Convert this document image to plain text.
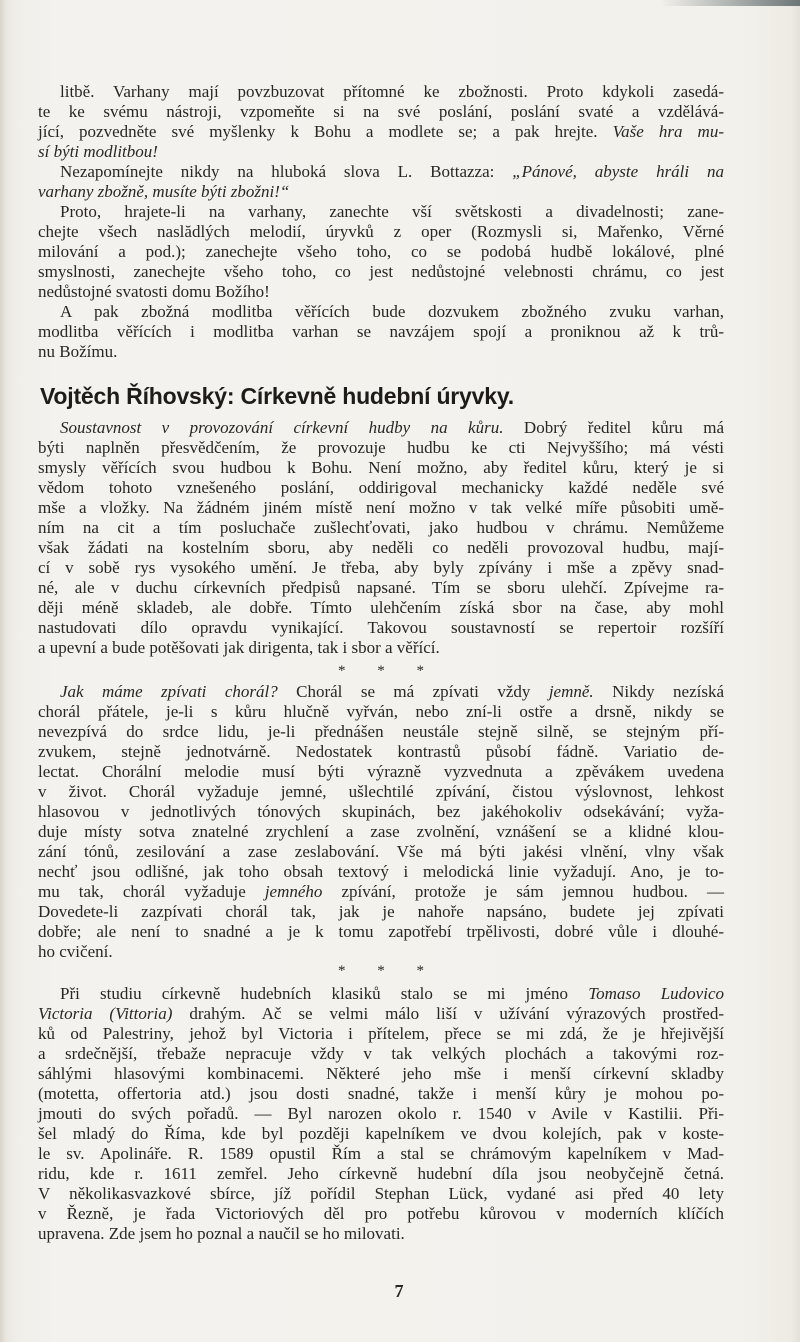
litbě. Varhany mají povzbuzovat přítomné ke zbožnosti. Proto kdykoli zasedá-
te ke svému nástroji, vzpomeňte si na své poslání, poslání svaté a vzdělává-
jící, pozvedněte své myšlenky k Bohu a modlete se; a pak hrejte. Vaše hra mu-
sí býti modlitbou!
Nezapomínejte nikdy na hluboká slova L. Bottazza: „Pánové, abyste hráli na
varhany zbožně, musíte býti zbožni!“
Proto, hrajete-li na varhany, zanechte vší světskosti a divadelnosti; zane-
chejte všech naslădlých melodií, úryvků z oper (Rozmysli si, Mařenko, Věrné
milování a pod.); zanechejte všeho toho, co se podobá hudbě lokálové, plné
smyslnosti, zanechejte všeho toho, co jest nedůstojné velebnosti chrámu, co jest
nedůstojné svatosti domu Božího!
A pak zbožná modlitba věřících bude dozvukem zbožného zvuku varhan,
modlitba věřících i modlitba varhan se navzájem spojí a proniknou až k trů-
nu Božímu.
Vojtěch Říhovský: Církevně hudební úryvky.
Soustavnost v provozování církevní hudby na kůru. Dobrý ředitel kůru má
býti naplněn přesvědčením, že provozuje hudbu ke cti Nejvyššího; má vésti
smysly věřících svou hudbou k Bohu. Není možno, aby ředitel kůru, který je si
vědom tohoto vznešeného poslání, oddirigoval mechanicky každé neděle své
mše a vložky. Na žádném jiném místě není možno v tak velké míře působiti umě-
ním na cit a tím posluchače zušlechťovati, jako hudbou v chrámu. Nemůžeme
však žádati na kostelním sboru, aby neděli co neděli provozoval hudbu, mají-
cí v sobě rys vysokého umění. Je třeba, aby byly zpívány i mše a zpěvy snad-
né, ale v duchu církevních předpisů napsané. Tím se sboru ulehčí. Zpívejme ra-
ději méně skladeb, ale dobře. Tímto ulehčením získá sbor na čase, aby mohl
nastudovati dílo opravdu vynikající. Takovou soustavností se repertoir rozšíří
a upevní a bude potěšovati jak dirigenta, tak i sbor a věřící.
* * *
Jak máme zpívati chorál? Chorál se má zpívati vždy jemně. Nikdy nezíská
chorál přátele, je-li s kůru hlučně vyřván, nebo zní-li ostře a drsně, nikdy se
nevezpívá do srdce lidu, je-li přednášen neustále stejně silně, se stejným pří-
zvukem, stejně jednotvárně. Nedostatek kontrastů působí fádně. Variatio de-
lectat. Chorální melodie musí býti výrazně vyzvednuta a zpěvákem uvedena
v život. Chorál vyžaduje jemné, ušlechtilé zpívání, čistou výslovnost, lehkost
hlasovou v jednotlivých tónových skupinách, bez jakéhokoliv odsekávání; vyža-
duje místy sotva znatelné zrychlení a zase zvolnění, vznášení se a klidné klou-
zání tónů, zesilování a zase zeslabování. Vše má býti jakési vlnění, vlny však
nechť jsou odlišné, jak toho obsah textový i melodická linie vyžadují. Ano, je to-
mu tak, chorál vyžaduje jemného zpívání, protože je sám jemnou hudbou. —
Dovedete-li zazpívati chorál tak, jak je nahoře napsáno, budete jej zpívati
dobře; ale není to snadné a je k tomu zapotřebí trpělivosti, dobré vůle i dlouhé-
ho cvičení.
* * *
Při studiu církevně hudebních klasiků stalo se mi jméno Tomaso Ludovico
Victoria (Vittoria) drahým. Ač se velmi málo liší v užívání výrazových prostřed-
ků od Palestriny, jehož byl Victoria i přítelem, přece se mi zdá, že je hřejivější
a srdečnější, třebaže nepracuje vždy v tak velkých plochách a takovými roz-
sáhlými hlasovými kombinacemi. Některé jeho mše i menší církevní skladby
(motetta, offertoria atd.) jsou dosti snadné, takže i menší kůry je mohou po-
jmouti do svých pořadů. — Byl narozen okolo r. 1540 v Avile v Kastilii. Při-
šel mladý do Říma, kde byl později kapelníkem ve dvou kolejích, pak v koste-
le sv. Apolináře. R. 1589 opustil Řím a stal se chrámovým kapelníkem v Mad-
ridu, kde r. 1611 zemřel. Jeho církevně hudební díla jsou neobyčejně četná.
V několikasvazkové sbírce, jíž pořídil Stephan Lück, vydané asi před 40 lety
v Řezně, je řada Victoriových děl pro potřebu kůrovou v moderních klíčích
upravena. Zde jsem ho poznal a naučil se ho milovati.
7
